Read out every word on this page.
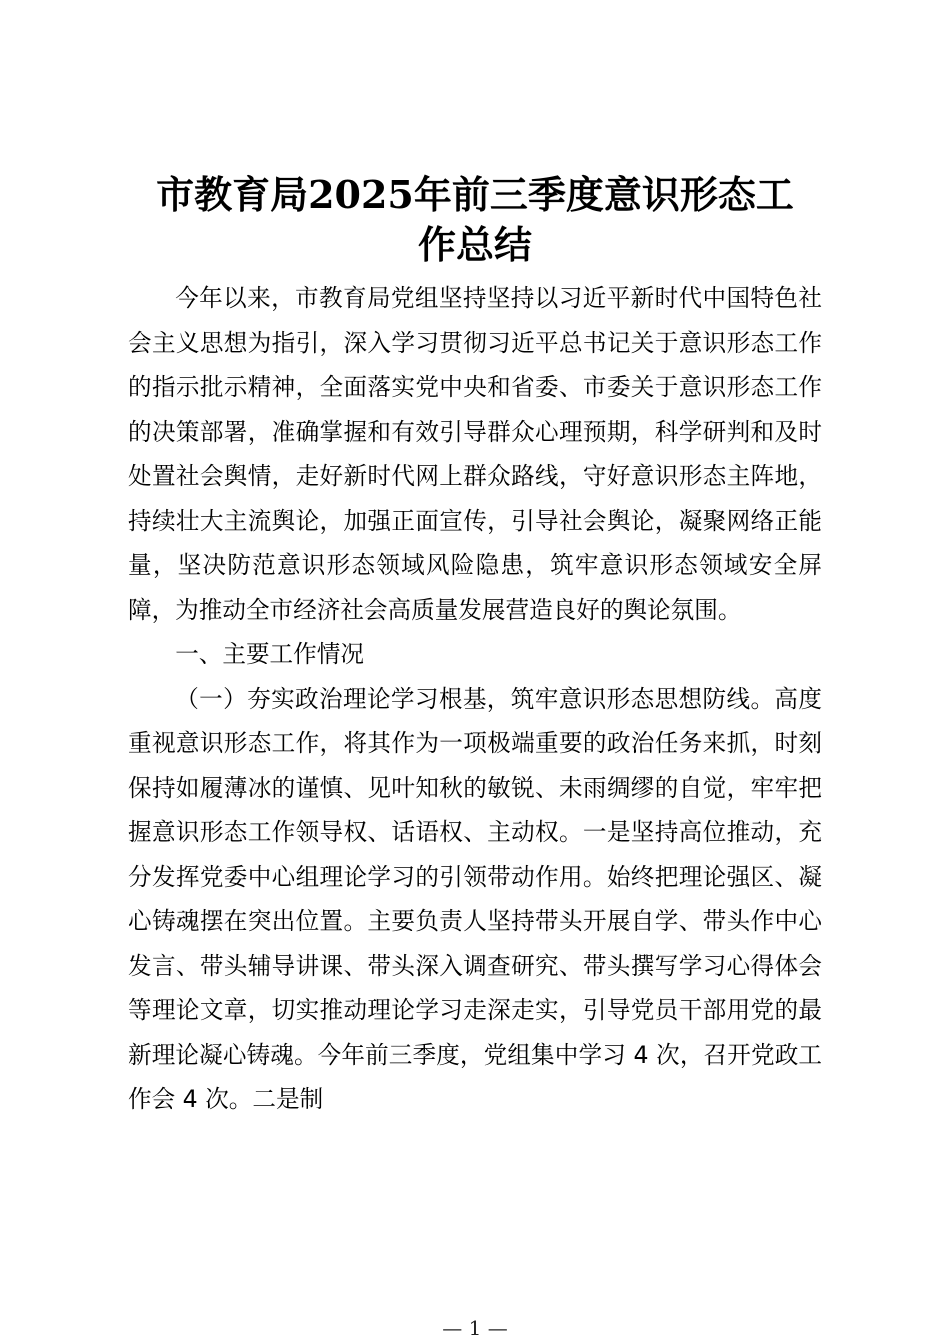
市教育局2025年前三季度意识形态工
作总结

今年以来，市教育局党组坚持坚持以习近平新时代中国特色社会主义思想为指引，深入学习贯彻习近平总书记关于意识形态工作的指示批示精神，全面落实党中央和省委、市委关于意识形态工作的决策部署，准确掌握和有效引导群众心理预期，科学研判和及时处置社会舆情，走好新时代网上群众路线，守好意识形态主阵地，持续壮大主流舆论，加强正面宣传，引导社会舆论，凝聚网络正能量，坚决防范意识形态领域风险隐患，筑牢意识形态领域安全屏障，为推动全市经济社会高质量发展营造良好的舆论氛围。

一、主要工作情况

（一）夯实政治理论学习根基，筑牢意识形态思想防线。高度重视意识形态工作，将其作为一项极端重要的政治任务来抓，时刻保持如履薄冰的谨慎、见叶知秋的敏锐、未雨绸缪的自觉，牢牢把握意识形态工作领导权、话语权、主动权。一是坚持高位推动，充分发挥党委中心组理论学习的引领带动作用。始终把理论强区、凝心铸魂摆在突出位置。主要负责人坚持带头开展自学、带头作中心发言、带头辅导讲课、带头深入调查研究、带头撰写学习心得体会等理论文章，切实推动理论学习走深走实，引导党员干部用党的最新理论凝心铸魂。今年前三季度，党组集中学习 4 次，召开党政工作会 4 次。二是制

— 1 —
